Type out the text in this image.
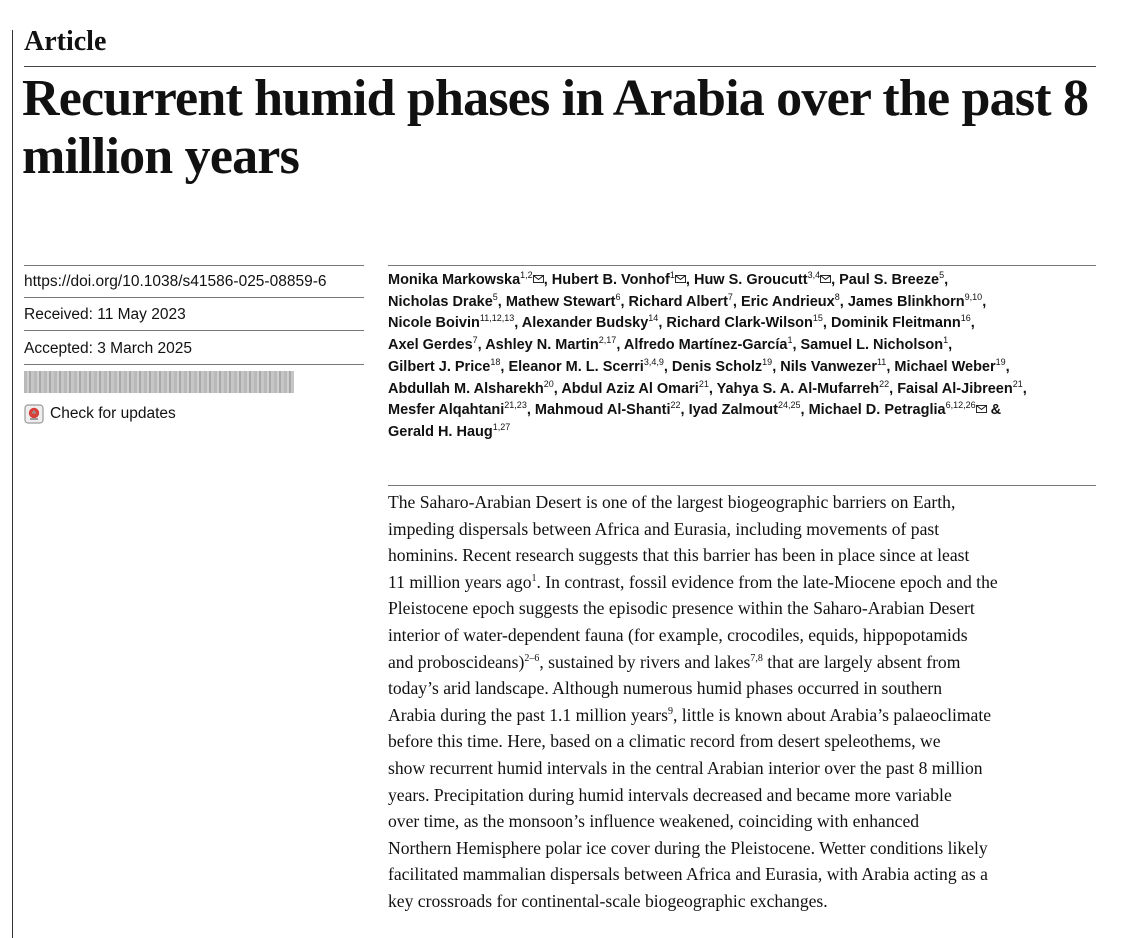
Article
Recurrent humid phases in Arabia over the past 8 million years
https://doi.org/10.1038/s41586-025-08859-6
Received: 11 May 2023
Accepted: 3 March 2025
Check for updates
Monika Markowska$^{1,2}$ , Hubert B. Vonhof$^1$ , Huw S. Groucutt$^{3,4}$ , Paul S. Breeze$^5$,
Nicholas Drake$^5$, Mathew Stewart$^6$, Richard Albert$^7$, Eric Andrieux$^8$, James Blinkhorn$^{9,10}$,
Nicole Boivin$^{11,12,13}$, Alexander Budsky$^{14}$, Richard Clark-Wilson$^{15}$, Dominik Fleitmann$^{16}$,
Axel Gerdes$^7$, Ashley N. Martin$^{2,17}$, Alfredo Martínez-García$^1$, Samuel L. Nicholson$^1$,
Gilbert J. Price$^{18}$, Eleanor M. L. Scerri$^{3,4,9}$, Denis Scholz$^{19}$, Nils Vanwezer$^{11}$, Michael Weber$^{19}$,
Abdullah M. Alsharekh$^{20}$, Abdul Aziz Al Omari$^{21}$, Yahya S. A. Al-Mufarreh$^{22}$, Faisal Al-Jibreen$^{21}$,
Mesfer Alqahtani$^{21,23}$, Mahmoud Al-Shanti$^{22}$, Iyad Zalmout$^{24,25}$, Michael D. Petraglia$^{6,12,26}$ &
Gerald H. Haug$^{1,27}$
The Saharo-Arabian Desert is one of the largest biogeographic barriers on Earth,
impeding dispersals between Africa and Eurasia, including movements of past
hominins. Recent research suggests that this barrier has been in place since at least
11 million years ago$^1$. In contrast, fossil evidence from the late-Miocene epoch and the
Pleistocene epoch suggests the episodic presence within the Saharo-Arabian Desert
interior of water-dependent fauna (for example, crocodiles, equids, hippopotamids
and proboscideans)$^{2-6}$, sustained by rivers and lakes$^{7,8}$ that are largely absent from
today’s arid landscape. Although numerous humid phases occurred in southern
Arabia during the past 1.1 million years$^9$, little is known about Arabia’s palaeoclimate
before this time. Here, based on a climatic record from desert speleothems, we
show recurrent humid intervals in the central Arabian interior over the past 8 million
years. Precipitation during humid intervals decreased and became more variable
over time, as the monsoon’s influence weakened, coinciding with enhanced
Northern Hemisphere polar ice cover during the Pleistocene. Wetter conditions likely
facilitated mammalian dispersals between Africa and Eurasia, with Arabia acting as a
key crossroads for continental-scale biogeographic exchanges.
